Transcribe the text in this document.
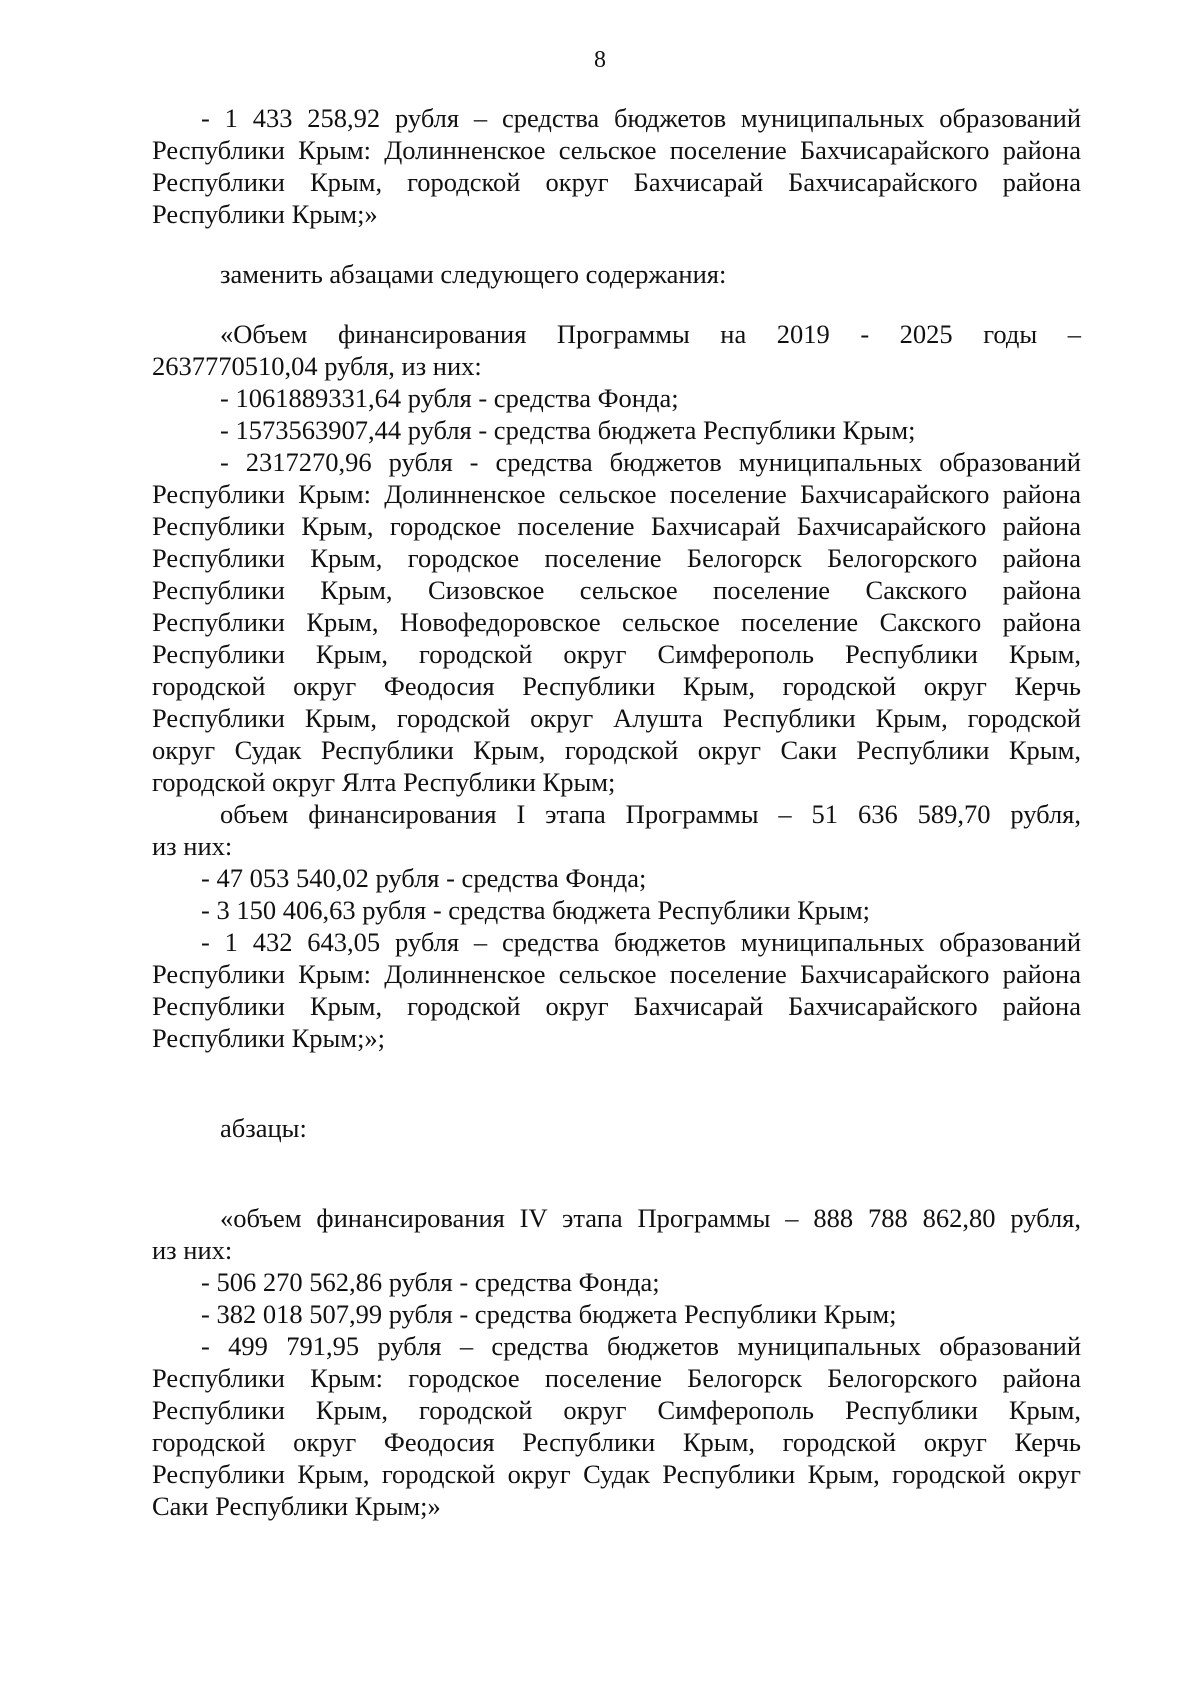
8
- 1 433 258,92 рубля – средства бюджетов муниципальных образований
Республики Крым: Долинненское сельское поселение Бахчисарайского района
Республики Крым, городской округ Бахчисарай Бахчисарайского района
Республики Крым;»
заменить абзацами следующего содержания:
«Объем финансирования Программы на 2019 - 2025 годы –
2637770510,04 рубля, из них:
- 1061889331,64 рубля - средства Фонда;
- 1573563907,44 рубля - средства бюджета Республики Крым;
- 2317270,96 рубля - средства бюджетов муниципальных образований
Республики Крым: Долинненское сельское поселение Бахчисарайского района
Республики Крым, городское поселение Бахчисарай Бахчисарайского района
Республики Крым, городское поселение Белогорск Белогорского района
Республики Крым, Сизовское сельское поселение Сакского района
Республики Крым, Новофедоровское сельское поселение Сакского района
Республики Крым, городской округ Симферополь Республики Крым,
городской округ Феодосия Республики Крым, городской округ Керчь
Республики Крым, городской округ Алушта Республики Крым, городской
округ Судак Республики Крым, городской округ Саки Республики Крым,
городской округ Ялта Республики Крым;
объем финансирования I этапа Программы – 51 636 589,70 рубля,
из них:
- 47 053 540,02 рубля - средства Фонда;
- 3 150 406,63 рубля - средства бюджета Республики Крым;
- 1 432 643,05 рубля – средства бюджетов муниципальных образований
Республики Крым: Долинненское сельское поселение Бахчисарайского района
Республики Крым, городской округ Бахчисарай Бахчисарайского района
Республики Крым;»;
абзацы:
«объем финансирования IV этапа Программы – 888 788 862,80 рубля,
из них:
- 506 270 562,86 рубля - средства Фонда;
- 382 018 507,99 рубля - средства бюджета Республики Крым;
- 499 791,95 рубля – средства бюджетов муниципальных образований
Республики Крым: городское поселение Белогорск Белогорского района
Республики Крым, городской округ Симферополь Республики Крым,
городской округ Феодосия Республики Крым, городской округ Керчь
Республики Крым, городской округ Судак Республики Крым, городской округ
Саки Республики Крым;»
